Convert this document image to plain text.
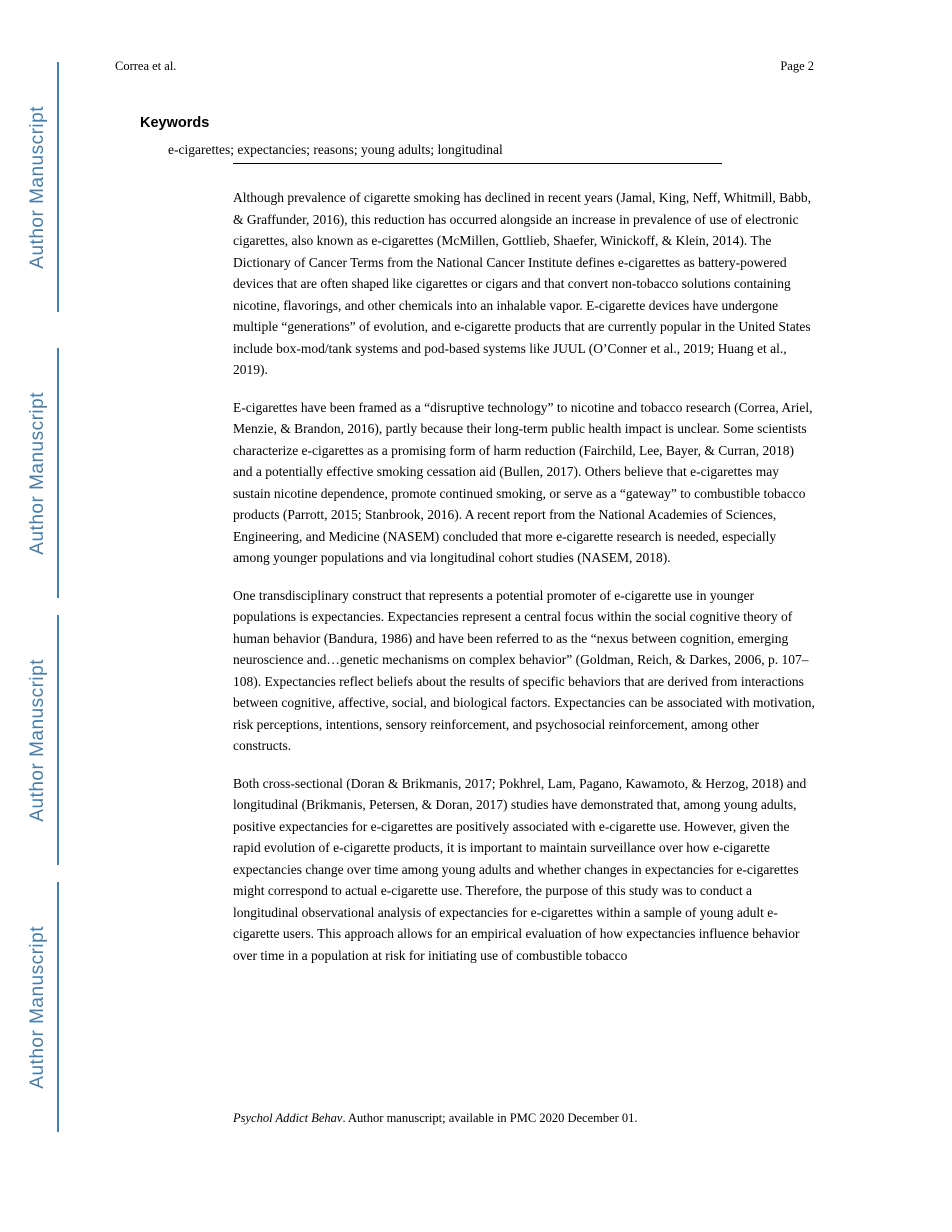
Author Manuscript
Author Manuscript
Author Manuscript
Author Manuscript
Correa et al.	Page 2
Keywords
e-cigarettes; expectancies; reasons; young adults; longitudinal

Although prevalence of cigarette smoking has declined in recent years (Jamal, King, Neff, Whitmill, Babb, & Graffunder, 2016), this reduction has occurred alongside an increase in prevalence of use of electronic cigarettes, also known as e-cigarettes (McMillen, Gottlieb, Shaefer, Winickoff, & Klein, 2014). The Dictionary of Cancer Terms from the National Cancer Institute defines e-cigarettes as battery-powered devices that are often shaped like cigarettes or cigars and that convert non-tobacco solutions containing nicotine, flavorings, and other chemicals into an inhalable vapor. E-cigarette devices have undergone multiple “generations” of evolution, and e-cigarette products that are currently popular in the United States include box-mod/tank systems and pod-based systems like JUUL (O’Conner et al., 2019; Huang et al., 2019).

E-cigarettes have been framed as a “disruptive technology” to nicotine and tobacco research (Correa, Ariel, Menzie, & Brandon, 2016), partly because their long-term public health impact is unclear. Some scientists characterize e-cigarettes as a promising form of harm reduction (Fairchild, Lee, Bayer, & Curran, 2018) and a potentially effective smoking cessation aid (Bullen, 2017). Others believe that e-cigarettes may sustain nicotine dependence, promote continued smoking, or serve as a “gateway” to combustible tobacco products (Parrott, 2015; Stanbrook, 2016). A recent report from the National Academies of Sciences, Engineering, and Medicine (NASEM) concluded that more e-cigarette research is needed, especially among younger populations and via longitudinal cohort studies (NASEM, 2018).

One transdisciplinary construct that represents a potential promoter of e-cigarette use in younger populations is expectancies. Expectancies represent a central focus within the social cognitive theory of human behavior (Bandura, 1986) and have been referred to as the “nexus between cognition, emerging neuroscience and…genetic mechanisms on complex behavior” (Goldman, Reich, & Darkes, 2006, p. 107–108). Expectancies reflect beliefs about the results of specific behaviors that are derived from interactions between cognitive, affective, social, and biological factors. Expectancies can be associated with motivation, risk perceptions, intentions, sensory reinforcement, and psychosocial reinforcement, among other constructs.

Both cross-sectional (Doran & Brikmanis, 2017; Pokhrel, Lam, Pagano, Kawamoto, & Herzog, 2018) and longitudinal (Brikmanis, Petersen, & Doran, 2017) studies have demonstrated that, among young adults, positive expectancies for e-cigarettes are positively associated with e-cigarette use. However, given the rapid evolution of e-cigarette products, it is important to maintain surveillance over how e-cigarette expectancies change over time among young adults and whether changes in expectancies for e-cigarettes might correspond to actual e-cigarette use. Therefore, the purpose of this study was to conduct a longitudinal observational analysis of expectancies for e-cigarettes within a sample of young adult e-cigarette users. This approach allows for an empirical evaluation of how expectancies influence behavior over time in a population at risk for initiating use of combustible tobacco

Psychol Addict Behav. Author manuscript; available in PMC 2020 December 01.
